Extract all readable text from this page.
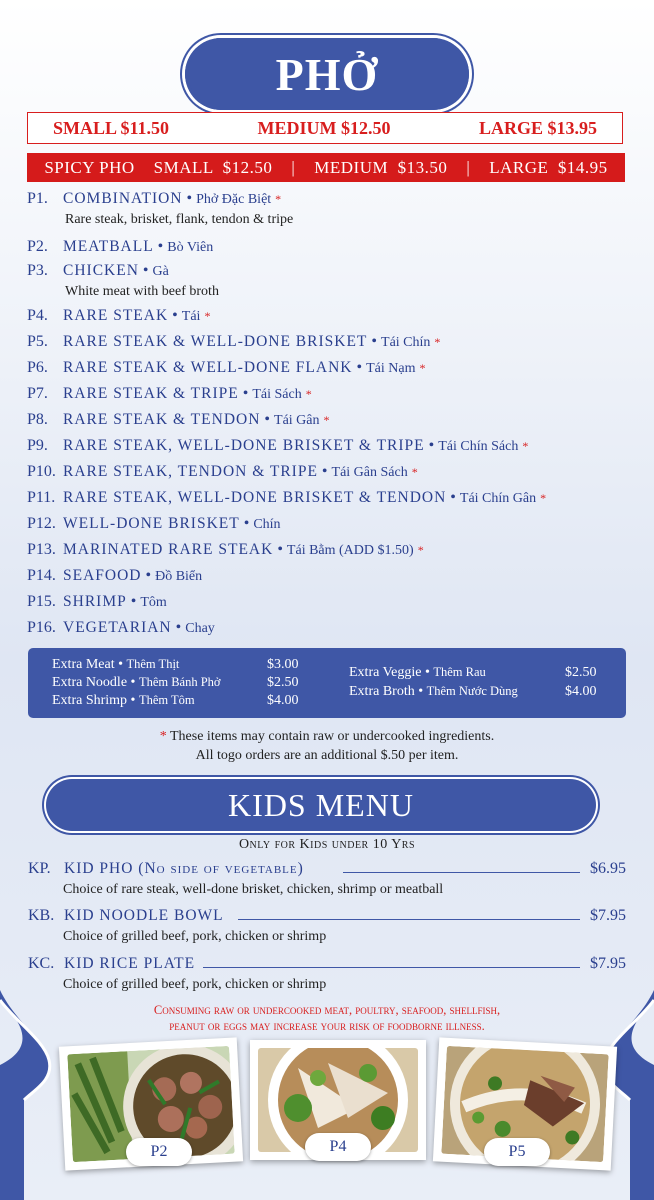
PHỞ
SMALL $11.50	MEDIUM $12.50	LARGE $13.95
SPICY PHO    SMALL  $12.50    |    MEDIUM  $13.50    |    LARGE  $14.95
P1. COMBINATION • Phở Đặc Biệt *
Rare steak, brisket, flank, tendon & tripe
P2. MEATBALL • Bò Viên
P3. CHICKEN • Gà
White meat with beef broth
P4. RARE STEAK • Tái *
P5. RARE STEAK & WELL-DONE BRISKET • Tái Chín *
P6. RARE STEAK & WELL-DONE FLANK • Tái Nạm *
P7. RARE STEAK & TRIPE • Tái Sách *
P8. RARE STEAK & TENDON • Tái Gân *
P9. RARE STEAK, WELL-DONE BRISKET & TRIPE • Tái Chín Sách *
P10. RARE STEAK, TENDON & TRIPE • Tái Gân Sách *
P11. RARE STEAK, WELL-DONE BRISKET & TENDON • Tái Chín Gân *
P12. WELL-DONE BRISKET • Chín
P13. MARINATED RARE STEAK • Tái Bằm (ADD $1.50) *
P14. SEAFOOD • Đồ Biển
P15. SHRIMP • Tôm
P16. VEGETARIAN • Chay
Extra Meat • Thêm Thịt	$3.00
Extra Noodle • Thêm Bánh Phở	$2.50
Extra Shrimp • Thêm Tôm	$4.00
Extra Veggie • Thêm Rau	$2.50
Extra Broth • Thêm Nước Dùng	$4.00
* These items may contain raw or undercooked ingredients.
All togo orders are an additional $.50 per item.
KIDS MENU
Only for Kids under 10 Yrs
KP. KID PHO (No side of vegetable)	$6.95
Choice of rare steak, well-done brisket, chicken, shrimp or meatball
KB. KID NOODLE BOWL	$7.95
Choice of grilled beef, pork, chicken or shrimp
KC. KID RICE PLATE	$7.95
Choice of grilled beef, pork, chicken or shrimp
Consuming raw or undercooked meat, poultry, seafood, shellfish,
peanut or eggs may increase your risk of foodborne illness.
P2	P4	P5
